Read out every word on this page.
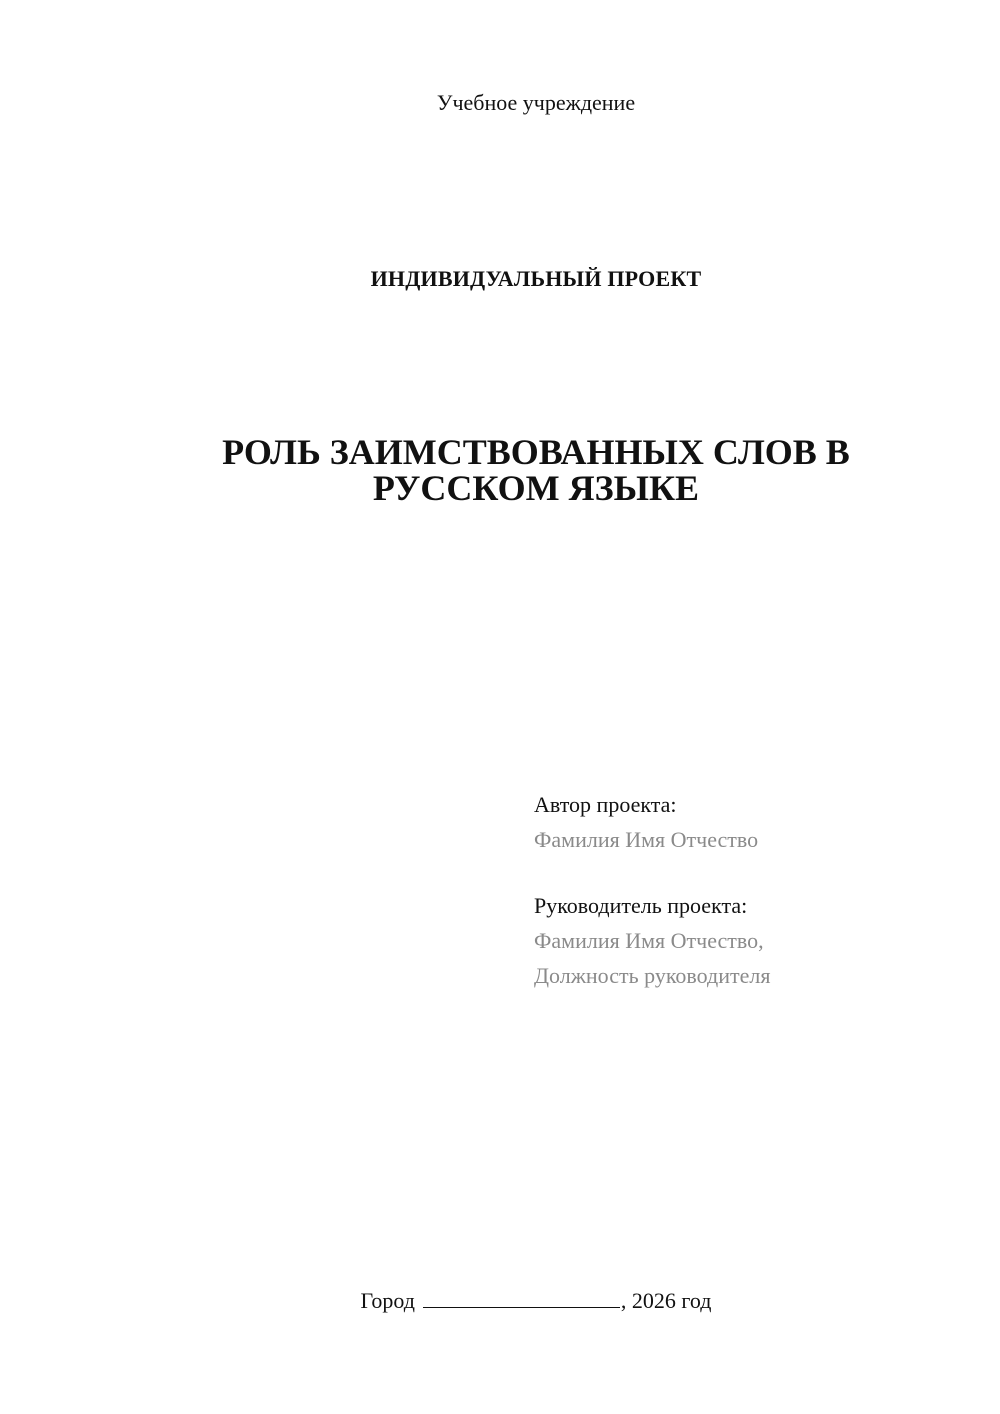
Учебное учреждение
ИНДИВИДУАЛЬНЫЙ ПРОЕКТ
РОЛЬ ЗАИМСТВОВАННЫХ СЛОВ В
РУССКОМ ЯЗЫКЕ
Автор проекта:
Фамилия Имя Отчество
Руководитель проекта:
Фамилия Имя Отчество,
Должность руководителя
Город	, 2026 год
